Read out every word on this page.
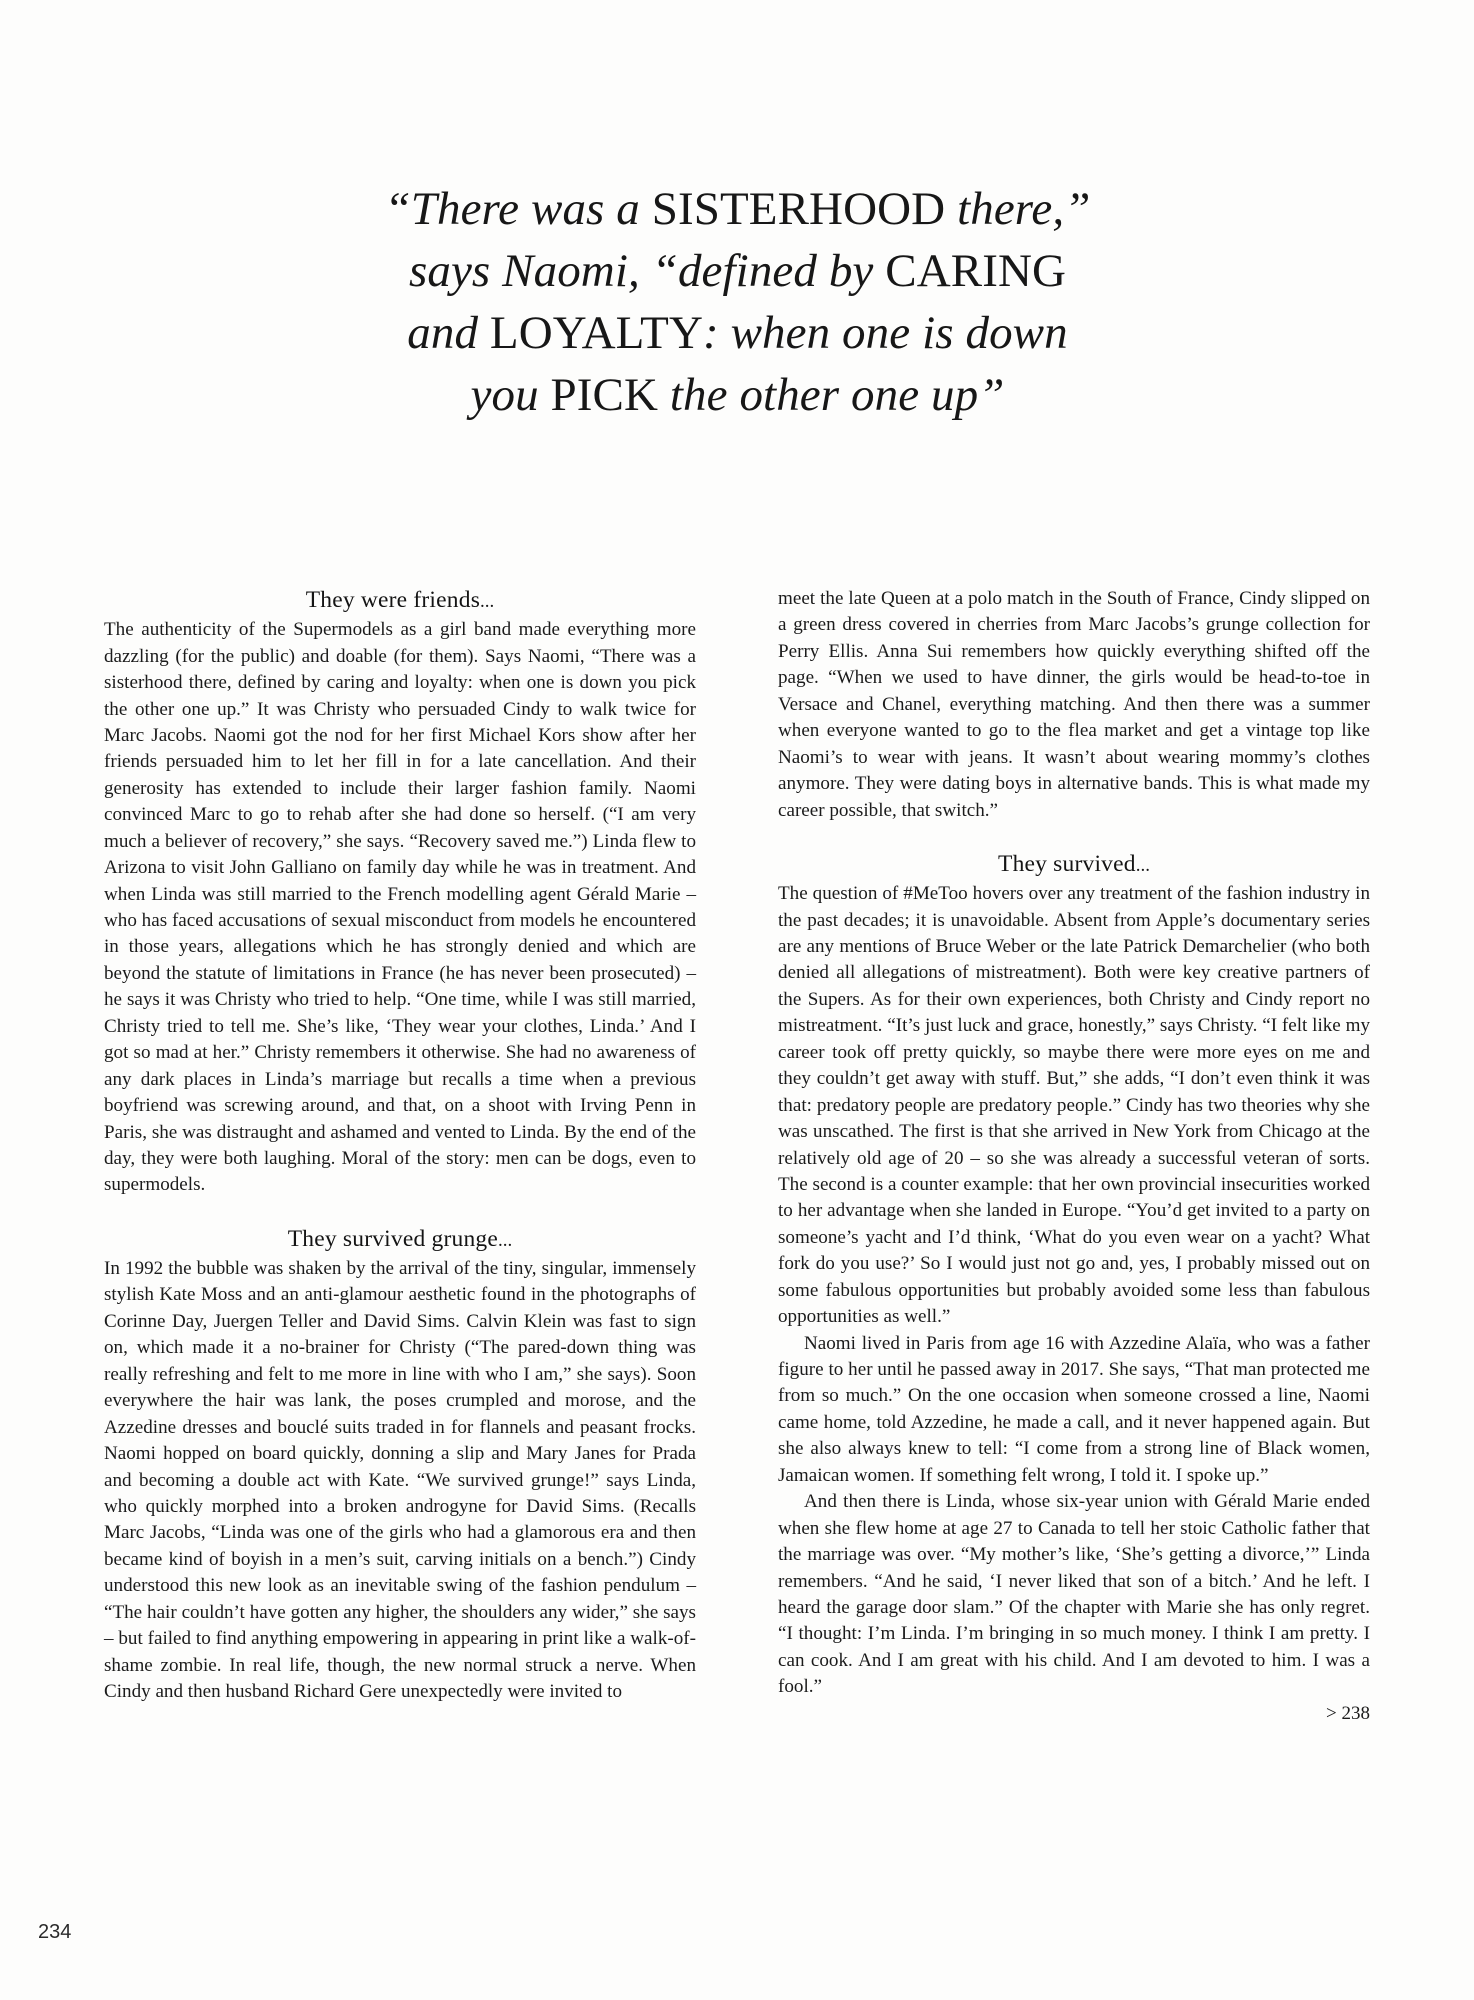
“There was a SISTERHOOD there,”
says Naomi, “defined by CARING
and LOYALTY: when one is down
you PICK the other one up”
They were friends...

The authenticity of the Supermodels as a girl band made everything more dazzling (for the public) and doable (for them). Says Naomi, “There was a sisterhood there, defined by caring and loyalty: when one is down you pick the other one up.” It was Christy who persuaded Cindy to walk twice for Marc Jacobs. Naomi got the nod for her first Michael Kors show after her friends persuaded him to let her fill in for a late cancellation. And their generosity has extended to include their larger fashion family. Naomi convinced Marc to go to rehab after she had done so herself. (“I am very much a believer of recovery,” she says. “Recovery saved me.”) Linda flew to Arizona to visit John Galliano on family day while he was in treatment. And when Linda was still married to the French modelling agent Gérald Marie – who has faced accusations of sexual misconduct from models he encountered in those years, allegations which he has strongly denied and which are beyond the statute of limitations in France (he has never been prosecuted) – he says it was Christy who tried to help. “One time, while I was still married, Christy tried to tell me. She’s like, ‘They wear your clothes, Linda.’ And I got so mad at her.” Christy remembers it otherwise. She had no awareness of any dark places in Linda’s marriage but recalls a time when a previous boyfriend was screwing around, and that, on a shoot with Irving Penn in Paris, she was distraught and ashamed and vented to Linda. By the end of the day, they were both laughing. Moral of the story: men can be dogs, even to supermodels.

They survived grunge...

In 1992 the bubble was shaken by the arrival of the tiny, singular, immensely stylish Kate Moss and an anti-glamour aesthetic found in the photographs of Corinne Day, Juergen Teller and David Sims. Calvin Klein was fast to sign on, which made it a no-brainer for Christy (“The pared-down thing was really refreshing and felt to me more in line with who I am,” she says). Soon everywhere the hair was lank, the poses crumpled and morose, and the Azzedine dresses and bouclé suits traded in for flannels and peasant frocks. Naomi hopped on board quickly, donning a slip and Mary Janes for Prada and becoming a double act with Kate. “We survived grunge!” says Linda, who quickly morphed into a broken androgyne for David Sims. (Recalls Marc Jacobs, “Linda was one of the girls who had a glamorous era and then became kind of boyish in a men’s suit, carving initials on a bench.”) Cindy understood this new look as an inevitable swing of the fashion pendulum – “The hair couldn’t have gotten any higher, the shoulders any wider,” she says – but failed to find anything empowering in appearing in print like a walk-of-shame zombie. In real life, though, the new normal struck a nerve. When Cindy and then husband Richard Gere unexpectedly were invited to

meet the late Queen at a polo match in the South of France, Cindy slipped on a green dress covered in cherries from Marc Jacobs’s grunge collection for Perry Ellis. Anna Sui remembers how quickly everything shifted off the page. “When we used to have dinner, the girls would be head-to-toe in Versace and Chanel, everything matching. And then there was a summer when everyone wanted to go to the flea market and get a vintage top like Naomi’s to wear with jeans. It wasn’t about wearing mommy’s clothes anymore. They were dating boys in alternative bands. This is what made my career possible, that switch.”

They survived...

The question of #MeToo hovers over any treatment of the fashion industry in the past decades; it is unavoidable. Absent from Apple’s documentary series are any mentions of Bruce Weber or the late Patrick Demarchelier (who both denied all allegations of mistreatment). Both were key creative partners of the Supers. As for their own experiences, both Christy and Cindy report no mistreatment. “It’s just luck and grace, honestly,” says Christy. “I felt like my career took off pretty quickly, so maybe there were more eyes on me and they couldn’t get away with stuff. But,” she adds, “I don’t even think it was that: predatory people are predatory people.” Cindy has two theories why she was unscathed. The first is that she arrived in New York from Chicago at the relatively old age of 20 – so she was already a successful veteran of sorts. The second is a counter example: that her own provincial insecurities worked to her advantage when she landed in Europe. “You’d get invited to a party on someone’s yacht and I’d think, ‘What do you even wear on a yacht? What fork do you use?’ So I would just not go and, yes, I probably missed out on some fabulous opportunities but probably avoided some less than fabulous opportunities as well.”

Naomi lived in Paris from age 16 with Azzedine Alaïa, who was a father figure to her until he passed away in 2017. She says, “That man protected me from so much.” On the one occasion when someone crossed a line, Naomi came home, told Azzedine, he made a call, and it never happened again. But she also always knew to tell: “I come from a strong line of Black women, Jamaican women. If something felt wrong, I told it. I spoke up.”

And then there is Linda, whose six-year union with Gérald Marie ended when she flew home at age 27 to Canada to tell her stoic Catholic father that the marriage was over. “My mother’s like, ‘She’s getting a divorce,’” Linda remembers. “And he said, ‘I never liked that son of a bitch.’ And he left. I heard the garage door slam.” Of the chapter with Marie she has only regret. “I thought: I’m Linda. I’m bringing in so much money. I think I am pretty. I can cook. And I am great with his child. And I am devoted to him. I was a fool.”

> 238
234
